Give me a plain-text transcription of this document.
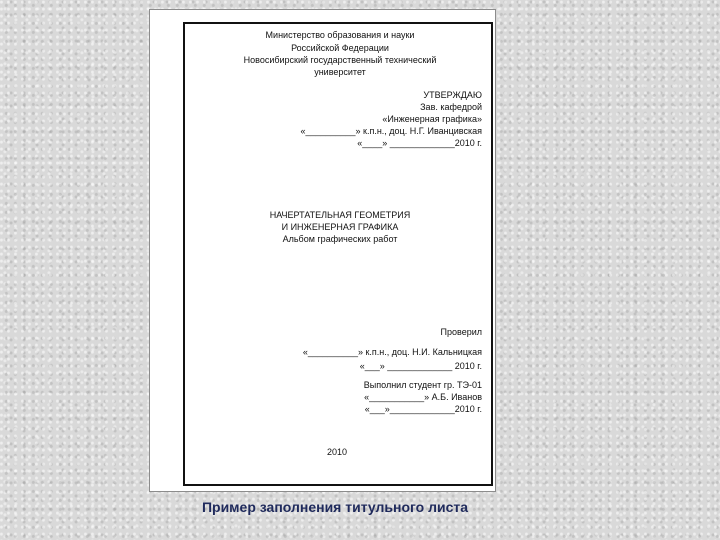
Министерство образования и науки
Российской Федерации
Новосибирский государственный технический
университет
УТВЕРЖДАЮ
Зав. кафедрой
«Инженерная графика»
«__________» к.п.н., доц. Н.Г. Иванцивская
«____» _____________2010 г.
НАЧЕРТАТЕЛЬНАЯ ГЕОМЕТРИЯ
И ИНЖЕНЕРНАЯ ГРАФИКА
Альбом графических работ
Проверил
«__________» к.п.н., доц. Н.И. Кальницкая
«___» _____________ 2010 г.
Выполнил студент гр. ТЭ-01
«___________» А.Б. Иванов
«___»_____________2010 г.
2010
Пример заполнения титульного листа
